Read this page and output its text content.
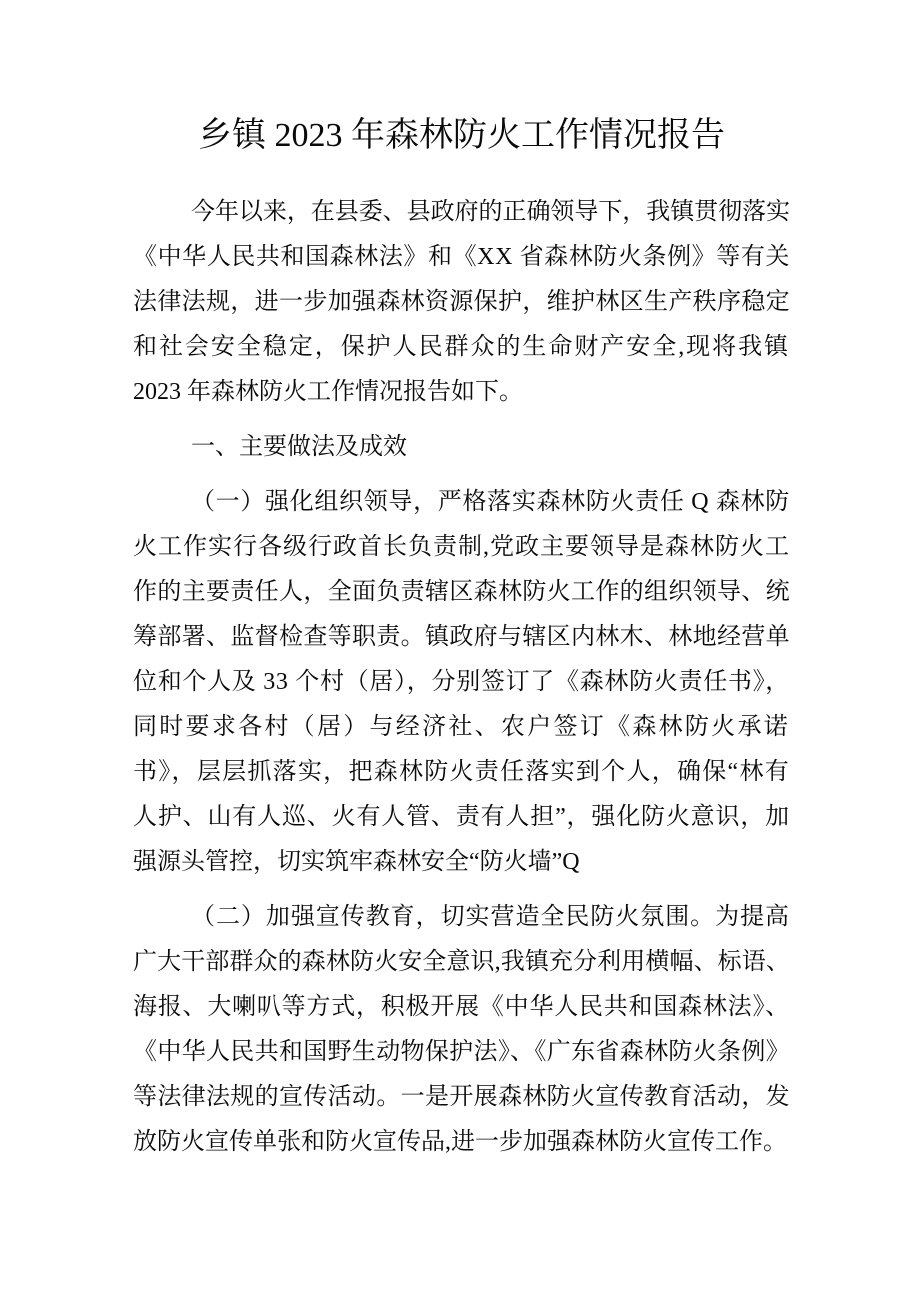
乡镇 2023 年森林防火工作情况报告
今年以来，在县委、县政府的正确领导下，我镇贯彻落实
《中华人民共和国森林法》和《XX 省森林防火条例》等有关
法律法规，进一步加强森林资源保护，维护林区生产秩序稳定
和社会安全稳定，保护人民群众的生命财产安全,现将我镇
2023 年森林防火工作情况报告如下。
一、主要做法及成效
（一）强化组织领导，严格落实森林防火责任 Q 森林防
火工作实行各级行政首长负责制,党政主要领导是森林防火工
作的主要责任人，全面负责辖区森林防火工作的组织领导、统
筹部署、监督检查等职责。镇政府与辖区内林木、林地经营单
位和个人及 33 个村（居），分别签订了《森林防火责任书》，
同时要求各村（居）与经济社、农户签订《森林防火承诺
书》，层层抓落实，把森林防火责任落实到个人，确保“林有
人护、山有人巡、火有人管、责有人担”，强化防火意识，加
强源头管控，切实筑牢森林安全“防火墙”Q
（二）加强宣传教育，切实营造全民防火氛围。为提高
广大干部群众的森林防火安全意识,我镇充分利用横幅、标语、
海报、大喇叭等方式，积极开展《中华人民共和国森林法》、
《中华人民共和国野生动物保护法》、《广东省森林防火条例》
等法律法规的宣传活动。一是开展森林防火宣传教育活动，发
放防火宣传单张和防火宣传品,进一步加强森林防火宣传工作。
